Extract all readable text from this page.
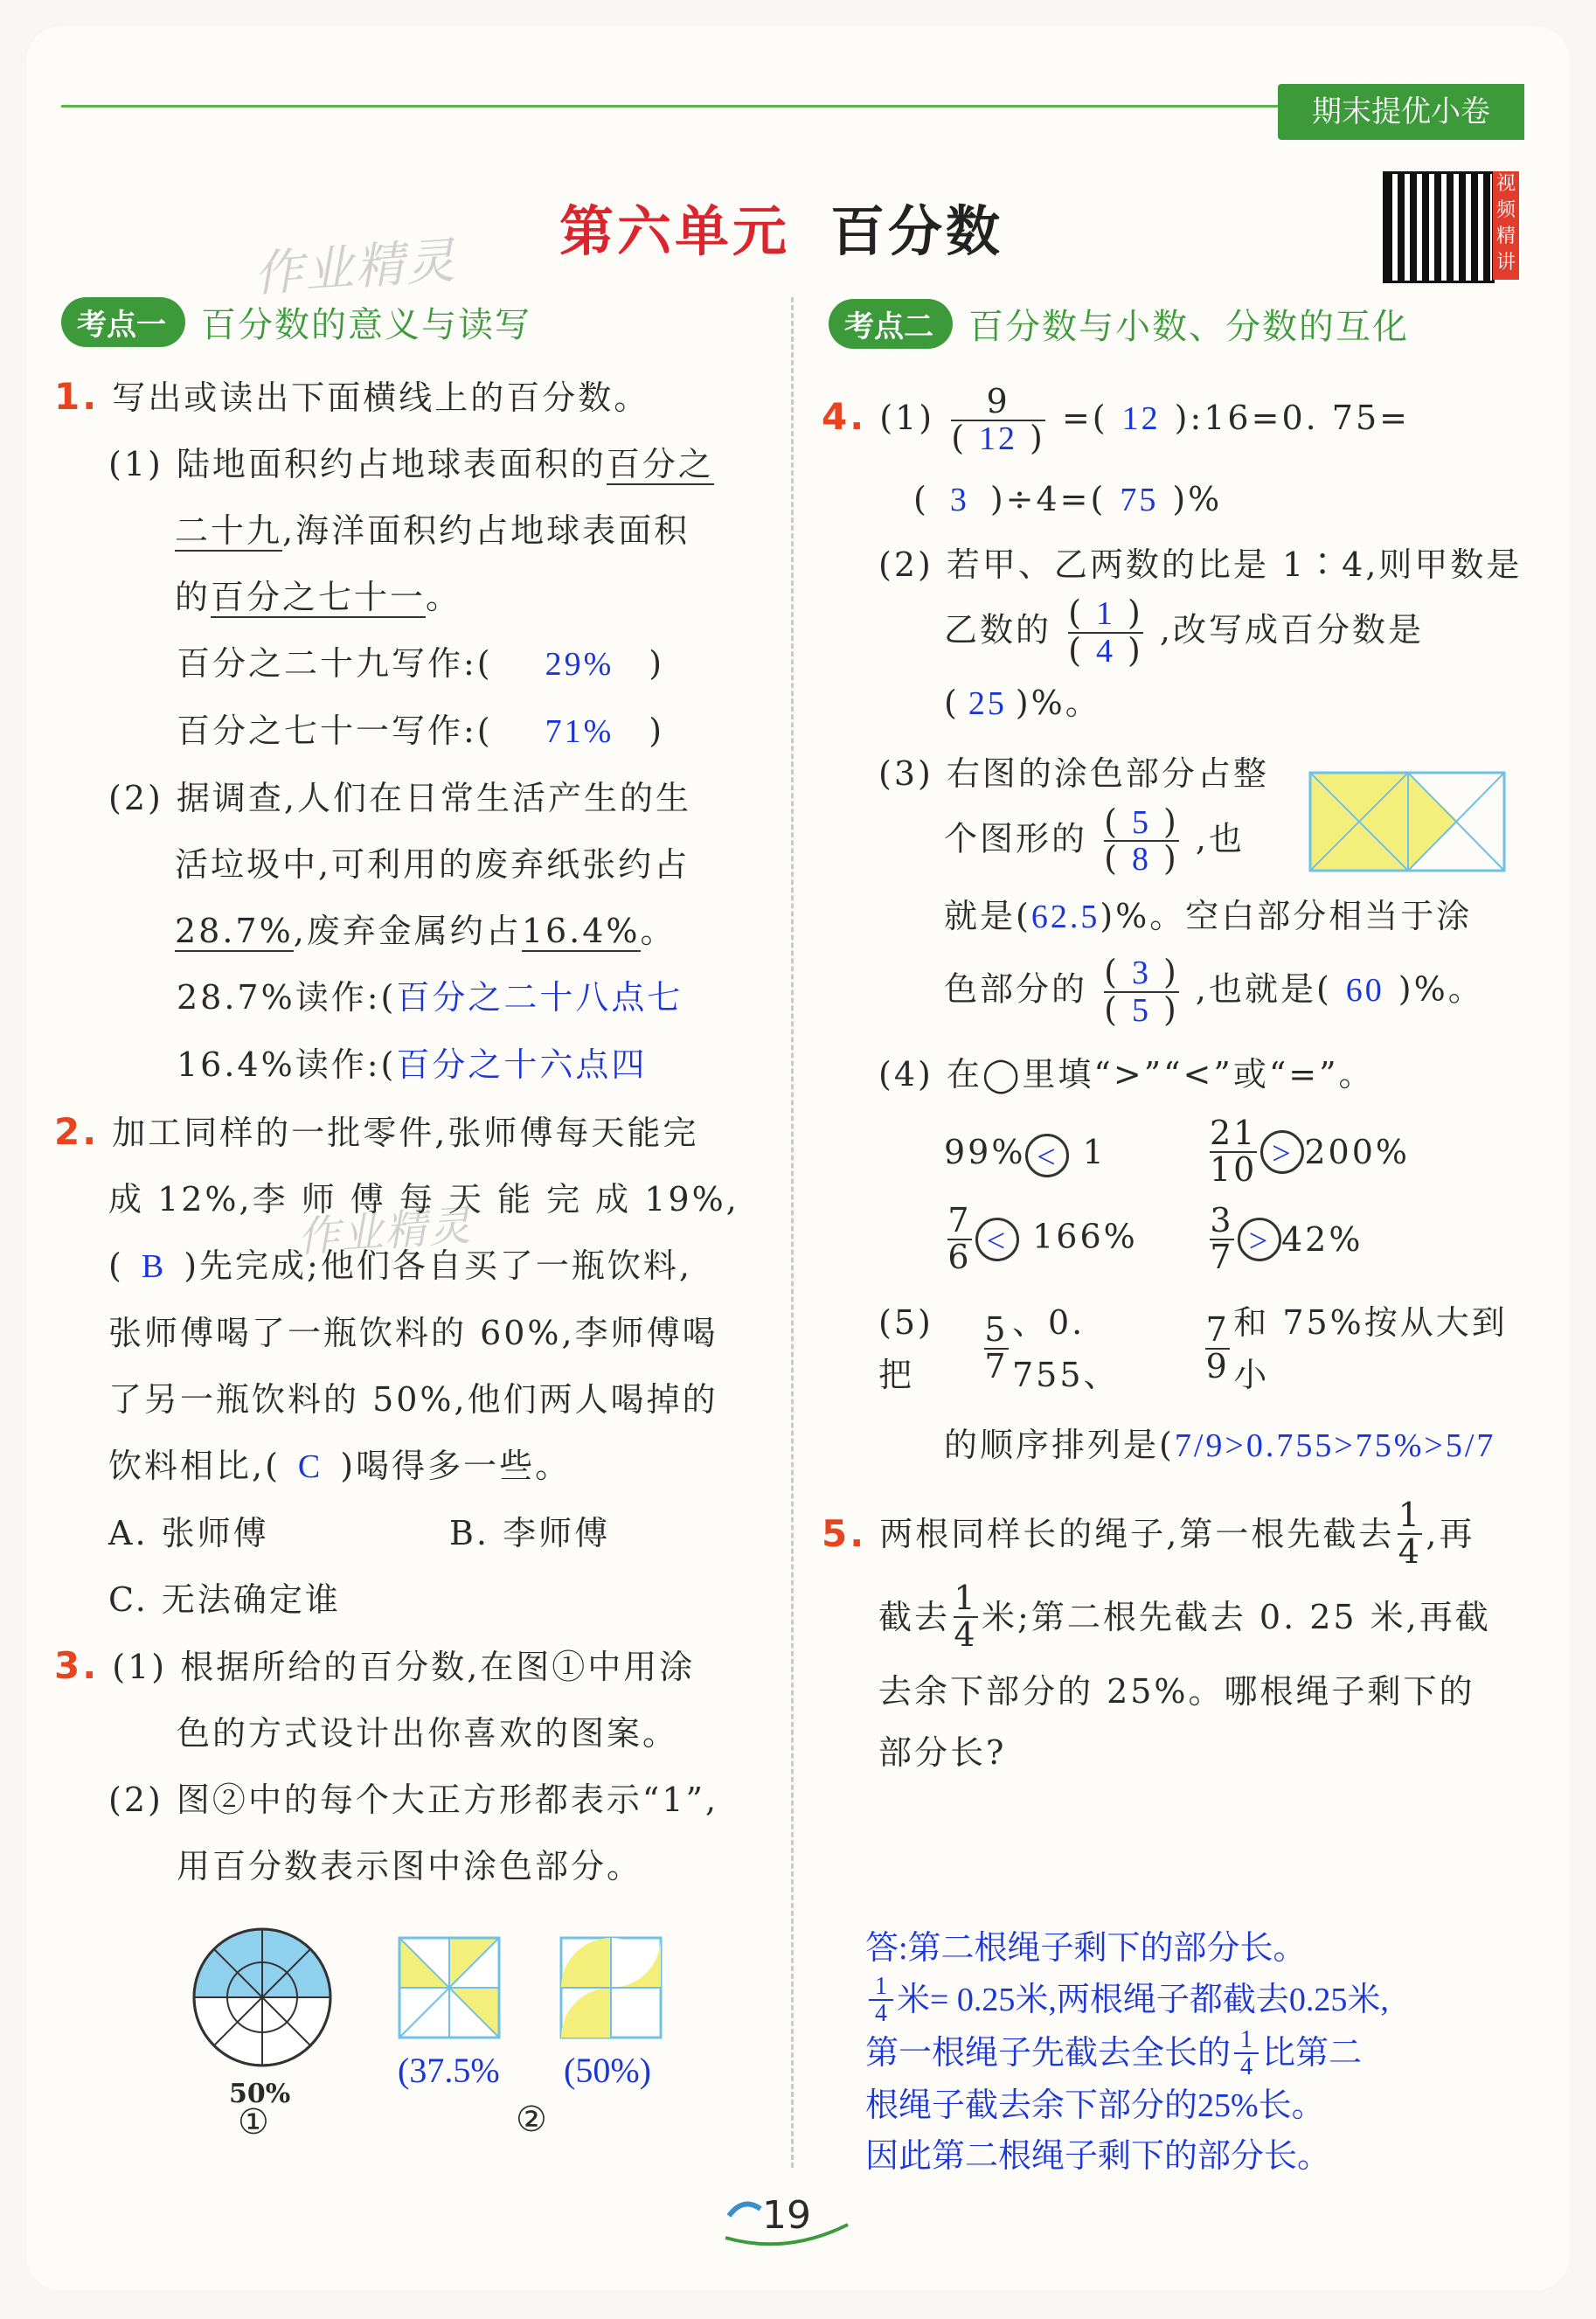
期末提优小卷
第六单元 百分数
视频精讲
作业精灵
作业精灵
考点一	百分数的意义与读写	考点二	百分数与小数、分数的互化
1. 写出或读出下面横线上的百分数。
(1) 陆地面积约占地球表面积的百分之
二十九,海洋面积约占地球表面积
的百分之七十一。
百分之二十九写作:( 29% )
百分之七十一写作:( 71% )
(2) 据调查,人们在日常生活产生的生
活垃圾中,可利用的废弃纸张约占
28.7%,废弃金属约占16.4%。
28.7%读作:(百分之二十八点七
16.4%读作:(百分之十六点四
2. 加工同样的一批零件,张师傅每天能完
成 12%,李 师 傅 每 天 能 完 成 19%,
( B )先完成;他们各自买了一瓶饮料,
张师傅喝了一瓶饮料的 60%,李师傅喝
了另一瓶饮料的 50%,他们两人喝掉的
饮料相比,( C )喝得多一些。
A. 张师傅	B. 李师傅
C. 无法确定谁
3. (1) 根据所给的百分数,在图①中用涂
色的方式设计出你喜欢的图案。
(2) 图②中的每个大正方形都表示“1”,
用百分数表示图中涂色部分。
50%
①
(37.5% (50%)
②
4. $(1) \frac{9}{( 12 )}$ =( 12 ):16=0. 75=
( 3 )÷4=( 75 )%
(2) 若甲、乙两数的比是 1∶4,则甲数是
乙数的 $\frac{( 1 )}{( 4 )}$ ,改写成百分数是
( 25 )%。
(3) 右图的涂色部分占整
个图形的 $\frac{( 5 )}{( 8 )}$ ,也
就是(62.5)%。空白部分相当于涂
色部分的 $\frac{( 3 )}{( 5 )}$ ,也就是( 60 )%。
(4) 在◯里填“>”“<”或“=”。
99% < 1	$\frac{21}{10} > 200\%$
$\frac{7}{6} < 166\%$	$\frac{3}{7} > 42\%$
(5) 把	$\frac{5}{7}$ 、0. 755、	$\frac{7}{9}$ 和 75%按从大到小
的顺序排列是(7/9>0.755>75%>5/7
5.
两根同样长的绳子,第一根先截去 $\frac{1}{4}$ ,再
截去 $\frac{1}{4}$ 米;第二根先截去 0. 25 米,再截
去余下部分的 25%。哪根绳子剩下的
部分长?
答:第二根绳子剩下的部分长。
$\frac{1}{4}$ 米= 0.25米,两根绳子都截去0.25米,
第一根绳子先截去全长的 $\frac{1}{4}$ 比第二
根绳子截去余下部分的25%长。
因此第二根绳子剩下的部分长。
19
